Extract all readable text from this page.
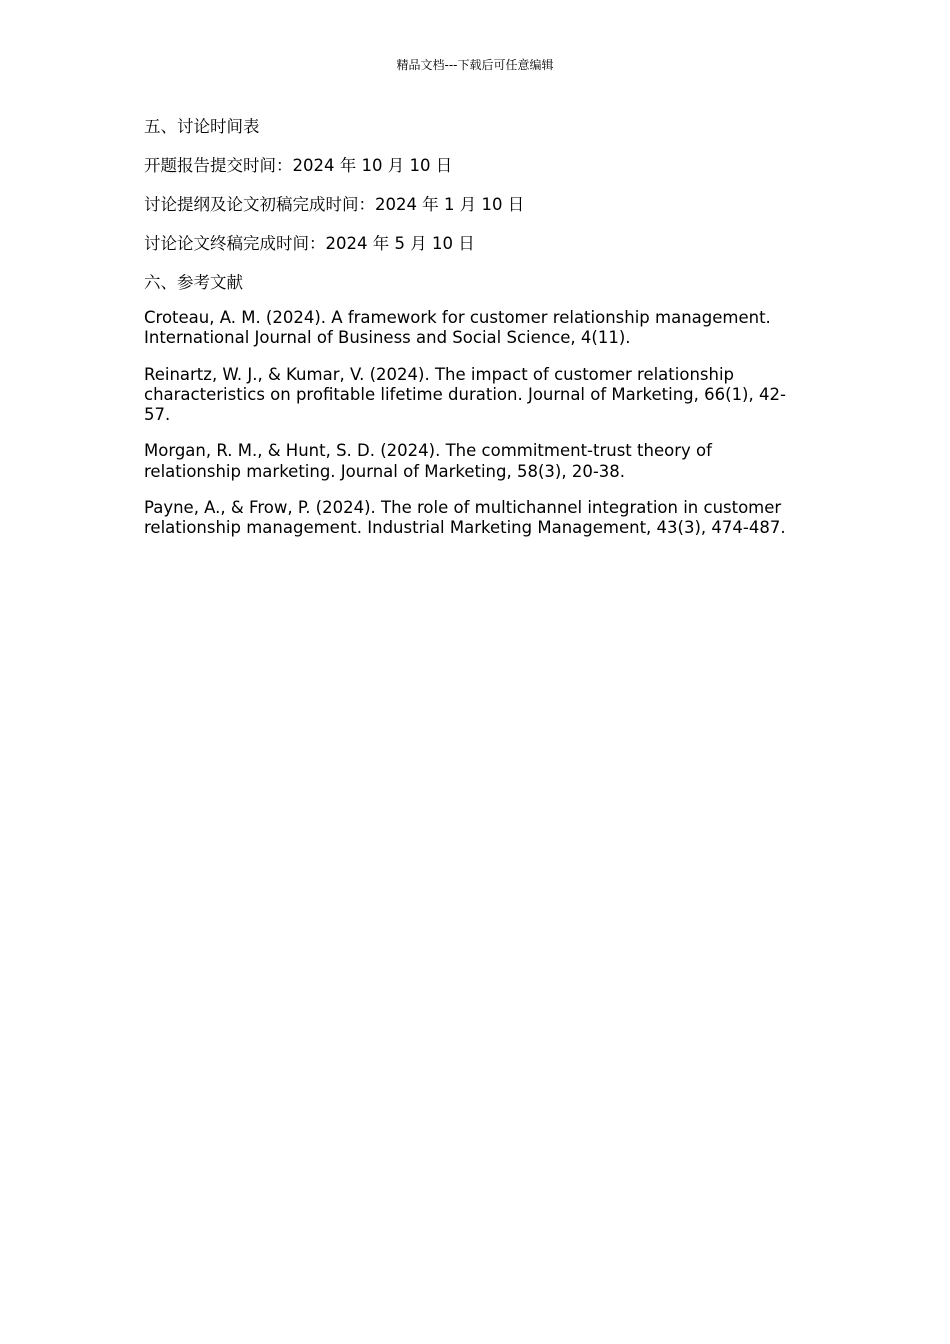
精品文档---下载后可任意编辑
五、讨论时间表
开题报告提交时间：2024 年 10 月 10 日
讨论提纲及论文初稿完成时间：2024 年 1 月 10 日
讨论论文终稿完成时间：2024 年 5 月 10 日
六、参考文献
Croteau, A. M. (2024). A framework for customer relationship management. International Journal of Business and Social Science, 4(11).
Reinartz, W. J., & Kumar, V. (2024). The impact of customer relationship characteristics on profitable lifetime duration. Journal of Marketing, 66(1), 42-57.
Morgan, R. M., & Hunt, S. D. (2024). The commitment-trust theory of relationship marketing. Journal of Marketing, 58(3), 20-38.
Payne, A., & Frow, P. (2024). The role of multichannel integration in customer relationship management. Industrial Marketing Management, 43(3), 474-487.
